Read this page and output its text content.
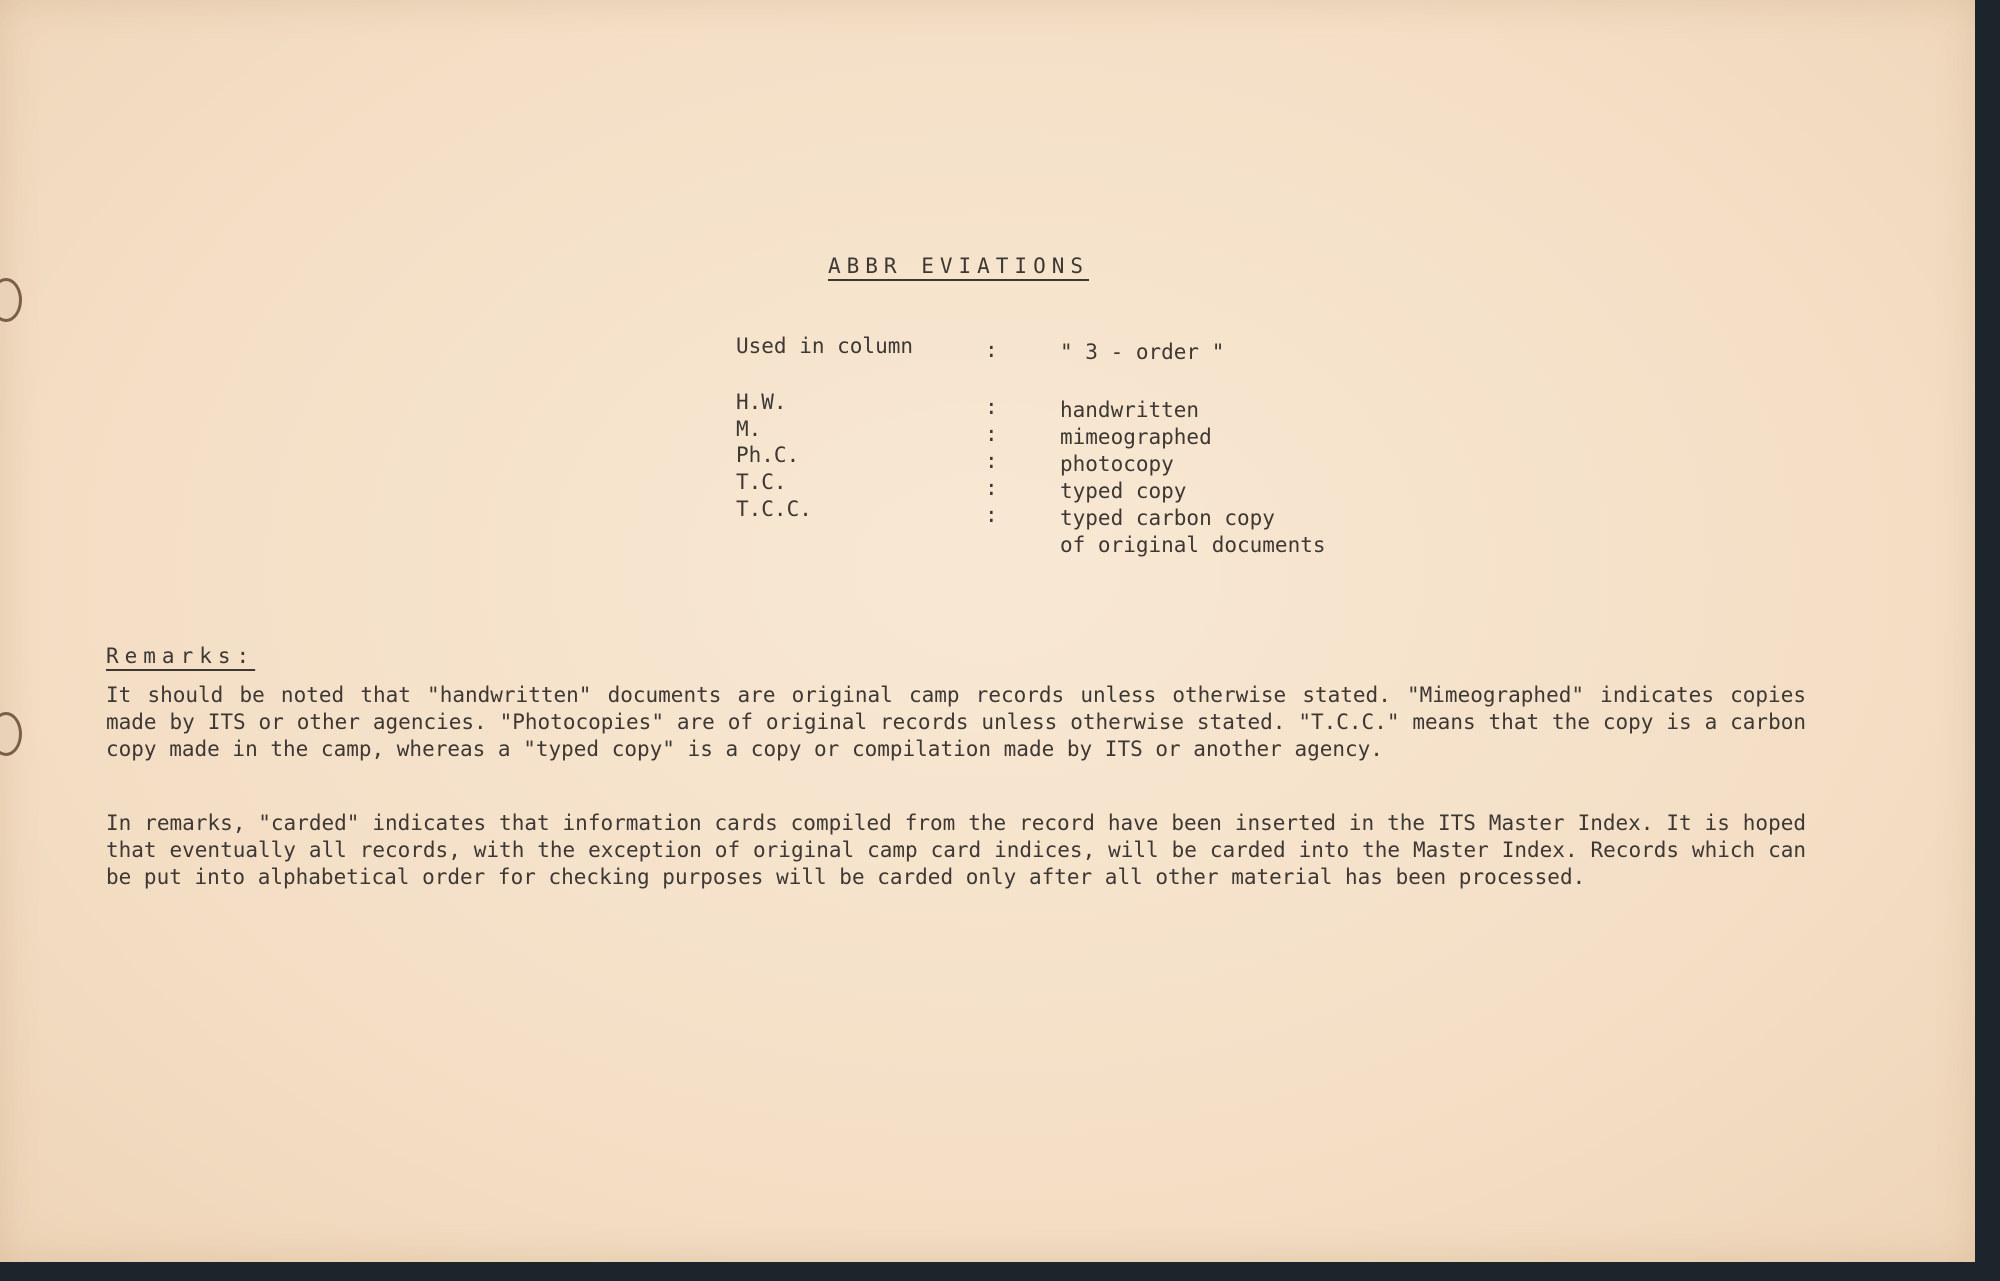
ABBR EVIATIONS
Used in column	:	" 3 - order "
H.W.	:	handwritten
M.	:	mimeographed
Ph.C.	:	photocopy
T.C.	:	typed copy
T.C.C.	:	typed carbon copy
of original documents
Remarks:

It should be noted that "handwritten" documents are original camp records unless otherwise stated. "Mimeographed" indicates copies made by ITS or other agencies. "Photocopies" are of original records unless otherwise stated. "T.C.C." means that the copy is a carbon copy made in the camp, whereas a "typed copy" is a copy or compilation made by ITS or another agency.

In remarks, "carded" indicates that information cards compiled from the record have been inserted in the ITS Master Index. It is hoped that eventually all records, with the exception of original camp card indices, will be carded into the Master Index. Records which can be put into alphabetical order for checking purposes will be carded only after all other material has been processed.
